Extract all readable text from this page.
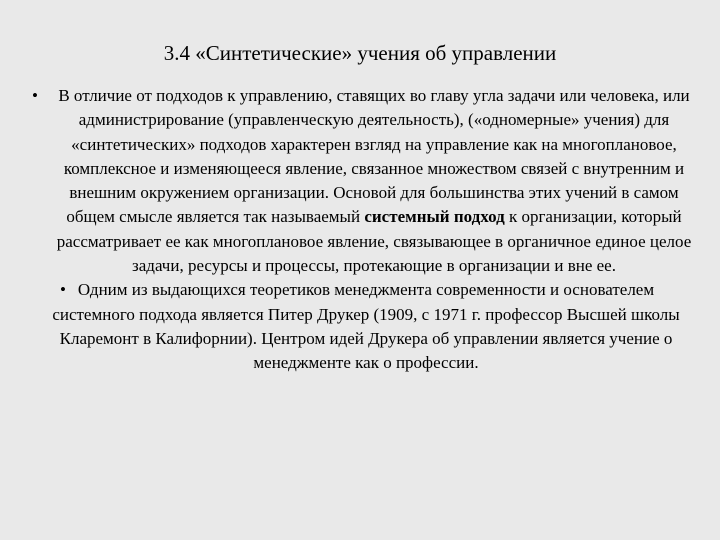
3.4 «Синтетические» учения об управлении
•	В отличие от подходов к управлению, ставящих во главу угла задачи или человека, или администрирование (управленческую деятельность), («одномерные» учения) для «синтетических» подходов характерен взгляд на управление как на многоплановое, комплексное и изменяющееся явление, связанное множеством связей с внутренним и внешним окружением организации. Основой для большинства этих учений в самом общем смысле является так называемый системный подход к организации, который рассматривает ее как многоплановое явление, связывающее в органичное единое целое задачи, ресурсы и процессы, протекающие в организации и вне ее.
• Одним из выдающихся теоретиков менеджмента современности и основателем системного подхода является Питер Друкер (1909, с 1971 г. профессор Высшей школы Кларемонт в Калифорнии). Центром идей Друкера об управлении является учение о менеджменте как о профессии.
